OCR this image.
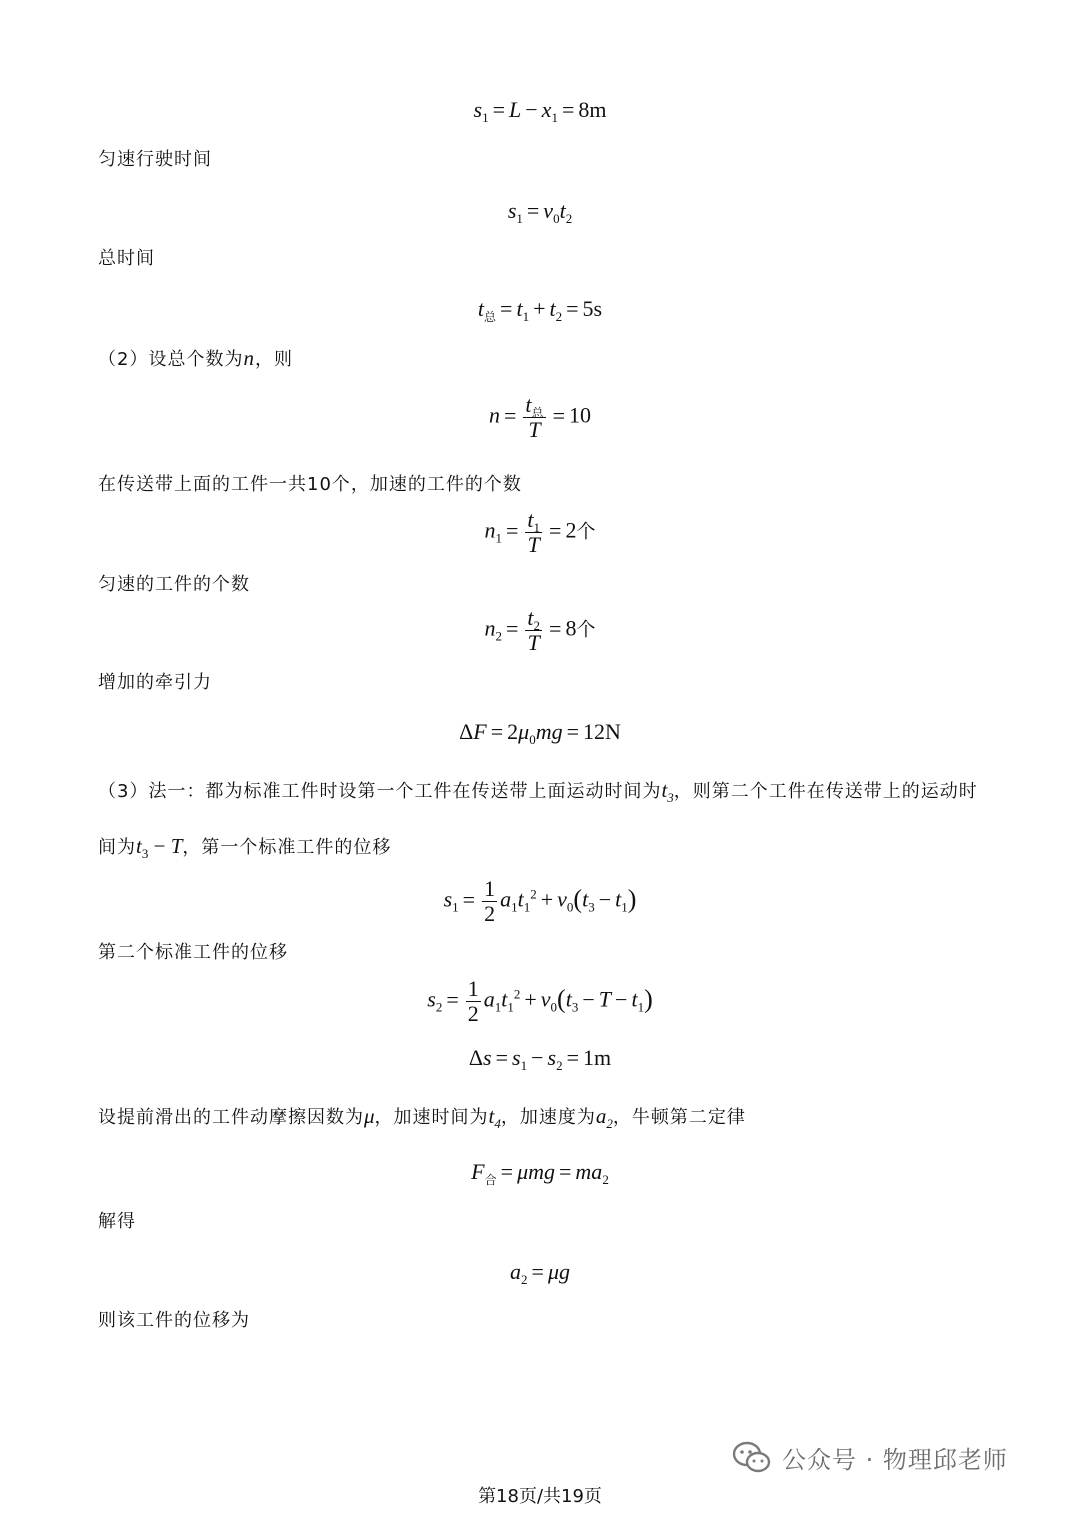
$s_1 = L - x_1 = 8m$
匀速行驶时间
$s_1 = v_0t_2$
总时间
$t_总 = t_1 + t_2 = 5s$
（2）设总个数为n，则
$n = \frac{t_总}{T} = 10$
在传送带上面的工件一共10个，加速的工件的个数
$n_1 = \frac{t_1}{T} = 2$个
匀速的工件的个数
$n_2 = \frac{t_2}{T} = 8$个
增加的牵引力
$\Delta F = 2\mu_0mg = 12N$
（3）法一：都为标准工件时设第一个工件在传送带上面运动时间为$t_3$，则第二个工件在传送带上的运动时
间为$t_3 - T$，第一个标准工件的位移
$s_1 = \frac{1}{2} a_1t_1^2 + v_0(t_3 - t_1)$
第二个标准工件的位移
$s_2 = \frac{1}{2} a_1t_1^2 + v_0(t_3 - T - t_1)$
$\Delta s = s_1 - s_2 = 1m$
设提前滑出的工件动摩擦因数为μ，加速时间为$t_4$，加速度为$a_2$，牛顿第二定律
$F_合 = \mu mg = ma_2$
解得
$a_2 = \mu g$
则该工件的位移为
公众号 · 物理邱老师
第18页/共19页
